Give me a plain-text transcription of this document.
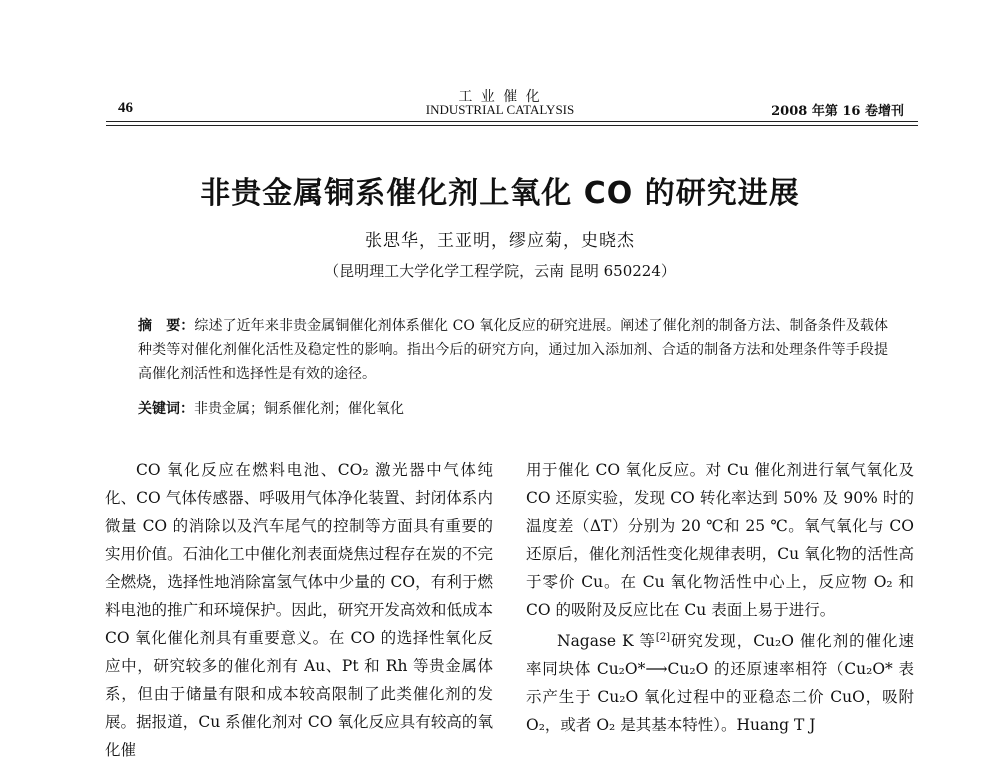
工 业 催 化
INDUSTRIAL CATALYSIS
46	2008 年第 16 卷增刊
非贵金属铜系催化剂上氧化 CO 的研究进展
张思华，王亚明，缪应菊，史晓杰
（昆明理工大学化学工程学院，云南 昆明 650224）
摘　要：综述了近年来非贵金属铜催化剂体系催化 CO 氧化反应的研究进展。阐述了催化剂的制备方法、制备条件及载体种类等对催化剂催化活性及稳定性的影响。指出今后的研究方向，通过加入添加剂、合适的制备方法和处理条件等手段提高催化剂活性和选择性是有效的途径。
关键词：非贵金属；铜系催化剂；催化氧化

CO 氧化反应在燃料电池、CO₂ 激光器中气体纯化、CO 气体传感器、呼吸用气体净化装置、封闭体系内微量 CO 的消除以及汽车尾气的控制等方面具有重要的实用价值。石油化工中催化剂表面烧焦过程存在炭的不完全燃烧，选择性地消除富氢气体中少量的 CO，有利于燃料电池的推广和环境保护。因此，研究开发高效和低成本 CO 氧化催化剂具有重要意义。在 CO 的选择性氧化反应中，研究较多的催化剂有 Au、Pt 和 Rh 等贵金属体系，但由于储量有限和成本较高限制了此类催化剂的发展。据报道，Cu 系催化剂对 CO 氧化反应具有较高的氧化催

用于催化 CO 氧化反应。对 Cu 催化剂进行氧气氧化及 CO 还原实验，发现 CO 转化率达到 50% 及 90% 时的温度差（ΔT）分别为 20 ℃和 25 ℃。氧气氧化与 CO 还原后，催化剂活性变化规律表明，Cu 氧化物的活性高于零价 Cu。在 Cu 氧化物活性中心上，反应物 O₂ 和 CO 的吸附及反应比在 Cu 表面上易于进行。

Nagase K 等[2]研究发现，Cu₂O 催化剂的催化速率同块体 Cu₂O*⟶Cu₂O 的还原速率相符（Cu₂O* 表示产生于 Cu₂O 氧化过程中的亚稳态二价 CuO，吸附 O₂，或者 O₂ 是其基本特性）。Huang T J
